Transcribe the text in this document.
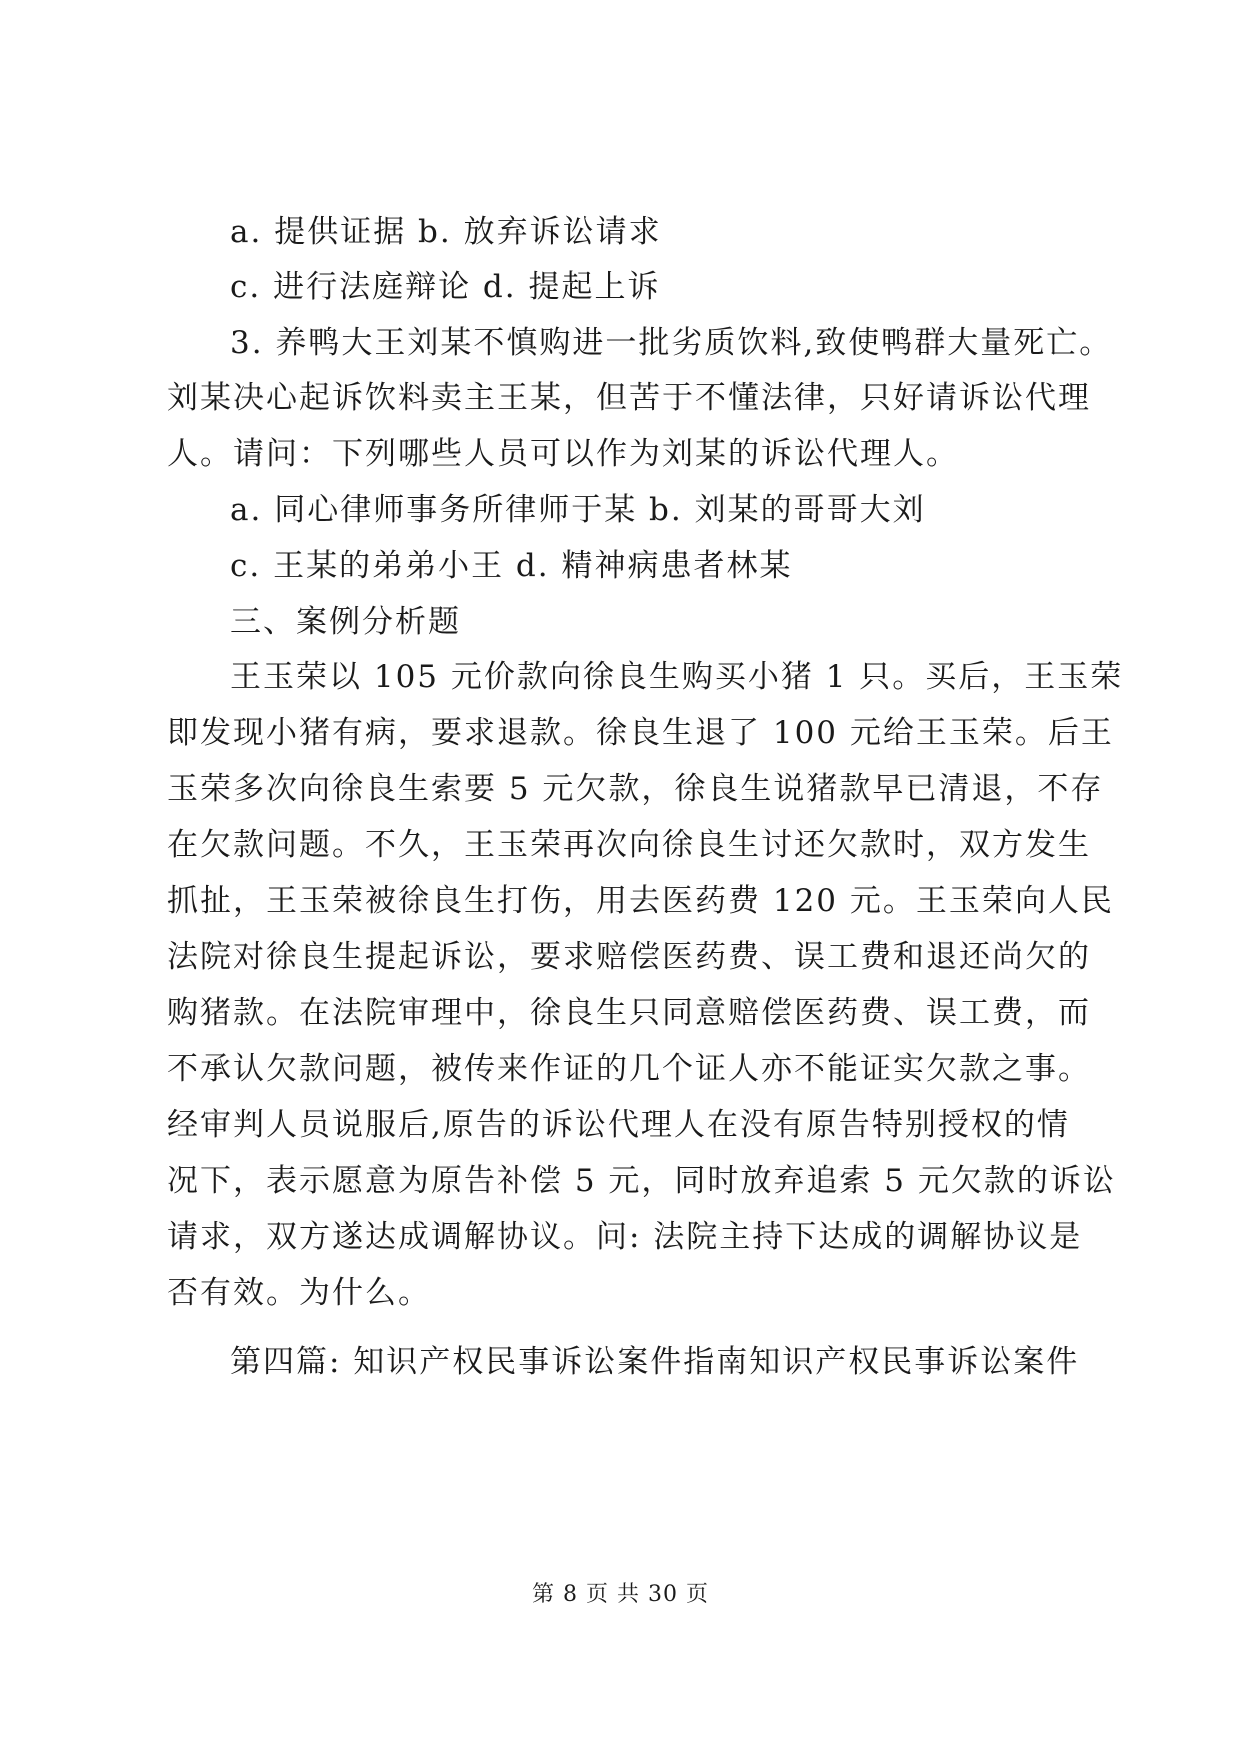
a. 提供证据 b. 放弃诉讼请求
c. 进行法庭辩论 d. 提起上诉
3. 养鸭大王刘某不慎购进一批劣质饮料,致使鸭群大量死亡。
刘某决心起诉饮料卖主王某，但苦于不懂法律，只好请诉讼代理
人。请问：下列哪些人员可以作为刘某的诉讼代理人。
a. 同心律师事务所律师于某 b. 刘某的哥哥大刘
c. 王某的弟弟小王 d. 精神病患者林某
三、案例分析题
王玉荣以 105 元价款向徐良生购买小猪 1 只。买后，王玉荣
即发现小猪有病，要求退款。徐良生退了 100 元给王玉荣。后王
玉荣多次向徐良生索要 5 元欠款，徐良生说猪款早已清退，不存
在欠款问题。不久，王玉荣再次向徐良生讨还欠款时，双方发生
抓扯，王玉荣被徐良生打伤，用去医药费 120 元。王玉荣向人民
法院对徐良生提起诉讼，要求赔偿医药费、误工费和退还尚欠的
购猪款。在法院审理中，徐良生只同意赔偿医药费、误工费，而
不承认欠款问题，被传来作证的几个证人亦不能证实欠款之事。
经审判人员说服后,原告的诉讼代理人在没有原告特别授权的情
况下，表示愿意为原告补偿 5 元，同时放弃追索 5 元欠款的诉讼
请求，双方遂达成调解协议。问: 法院主持下达成的调解协议是
否有效。为什么。
第四篇: 知识产权民事诉讼案件指南知识产权民事诉讼案件
第 8 页 共 30 页
